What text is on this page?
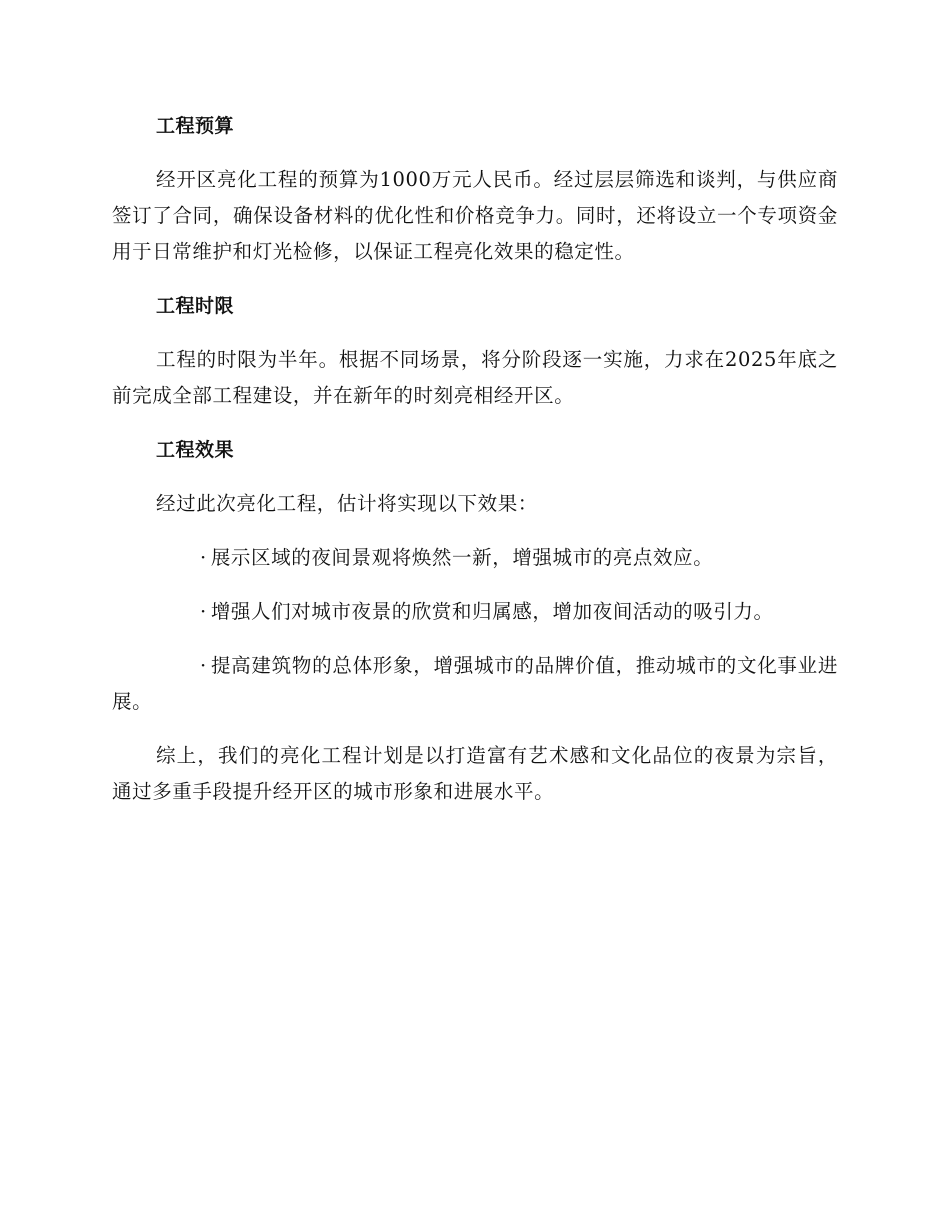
工程预算

经开区亮化工程的预算为1000万元人民币。经过层层筛选和谈判，与供应商签订了合同，确保设备材料的优化性和价格竞争力。同时，还将设立一个专项资金用于日常维护和灯光检修，以保证工程亮化效果的稳定性。

工程时限

工程的时限为半年。根据不同场景，将分阶段逐一实施，力求在2025年底之前完成全部工程建设，并在新年的时刻亮相经开区。

工程效果

经过此次亮化工程，估计将实现以下效果：

· 展示区域的夜间景观将焕然一新，增强城市的亮点效应。

· 增强人们对城市夜景的欣赏和归属感，增加夜间活动的吸引力。

· 提高建筑物的总体形象，增强城市的品牌价值，推动城市的文化事业进展。

综上，我们的亮化工程计划是以打造富有艺术感和文化品位的夜景为宗旨，通过多重手段提升经开区的城市形象和进展水平。
